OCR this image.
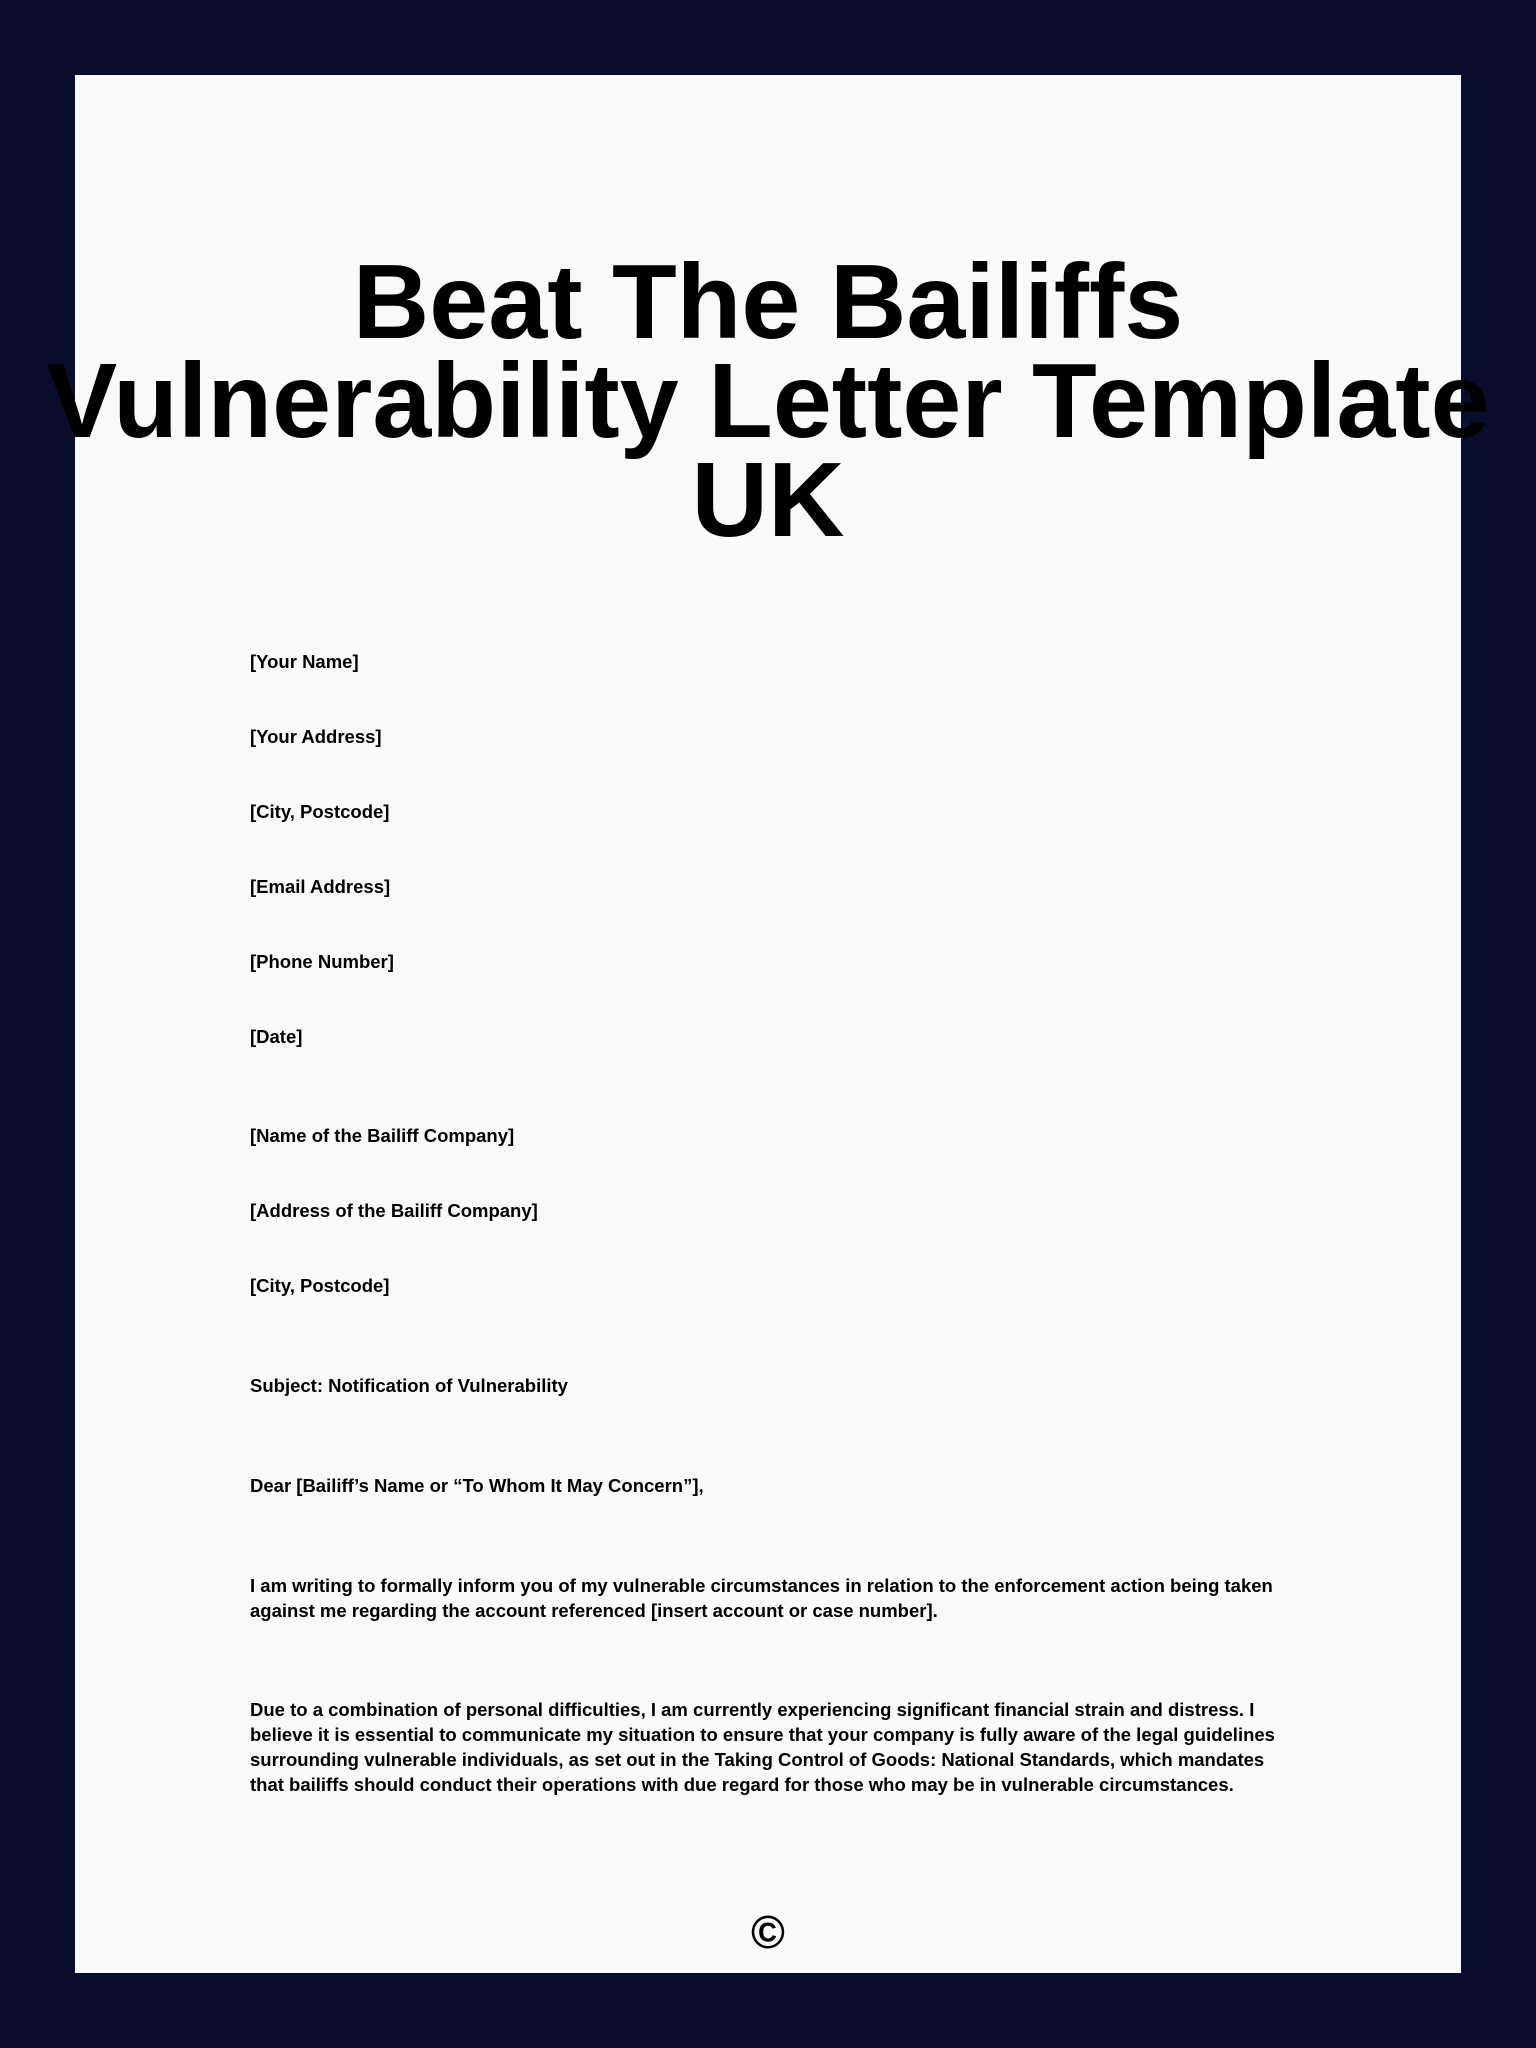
Beat The Bailiffs
Vulnerability Letter Template
UK

[Your Name]

[Your Address]

[City, Postcode]

[Email Address]

[Phone Number]

[Date]

[Name of the Bailiff Company]

[Address of the Bailiff Company]

[City, Postcode]

Subject: Notification of Vulnerability

Dear [Bailiff’s Name or “To Whom It May Concern”],

I am writing to formally inform you of my vulnerable circumstances in relation to the enforcement action being taken against me regarding the account referenced [insert account or case number].

Due to a combination of personal difficulties, I am currently experiencing significant financial strain and distress. I believe it is essential to communicate my situation to ensure that your company is fully aware of the legal guidelines surrounding vulnerable individuals, as set out in the Taking Control of Goods: National Standards, which mandates that bailiffs should conduct their operations with due regard for those who may be in vulnerable circumstances.

©
